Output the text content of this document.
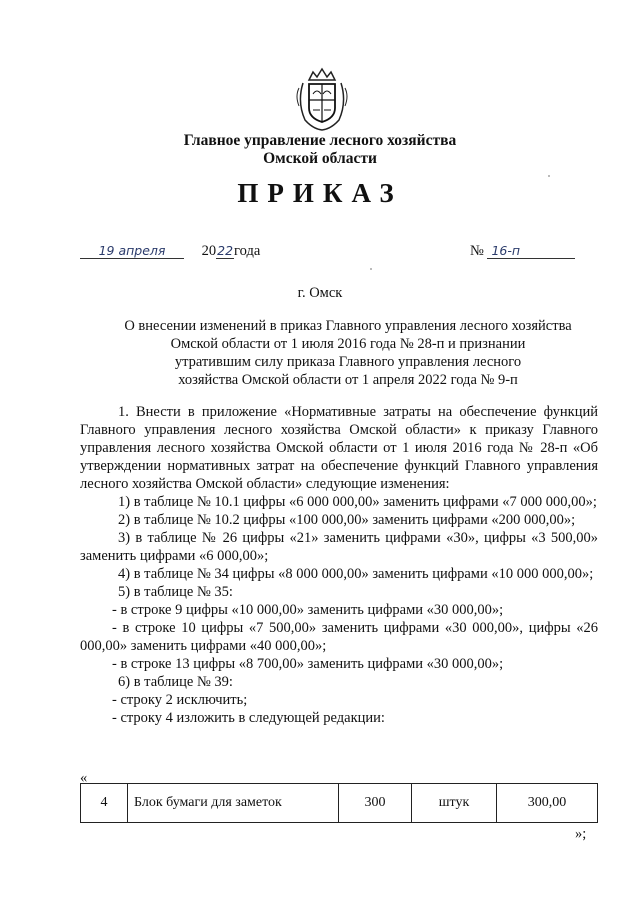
Главное управление лесного хозяйства
Омской области
ПРИКАЗ
19 апреля 2022года	№ 16-п
г. Омск
О внесении изменений в приказ Главного управления лесного хозяйства
Омской области от 1 июля 2016 года № 28-п и признании
утратившим силу приказа Главного управления лесного
хозяйства Омской области от 1 апреля 2022 года № 9-п

1. Внести в приложение «Нормативные затраты на обеспечение функций Главного управления лесного хозяйства Омской области» к приказу Главного управления лесного хозяйства Омской области от 1 июля 2016 года № 28-п «Об утверждении нормативных затрат на обеспечение функций Главного управления лесного хозяйства Омской области» следующие изменения:

1) в таблице № 10.1 цифры «6 000 000,00» заменить цифрами «7 000 000,00»;

2) в таблице № 10.2 цифры «100 000,00» заменить цифрами «200 000,00»;

3) в таблице № 26 цифры «21» заменить цифрами «30», цифры «3 500,00» заменить цифрами «6 000,00»;

4) в таблице № 34 цифры «8 000 000,00» заменить цифрами «10 000 000,00»;

5) в таблице № 35:

- в строке 9 цифры «10 000,00» заменить цифрами «30 000,00»;

- в строке 10 цифры «7 500,00» заменить цифрами «30 000,00», цифры «26 000,00» заменить цифрами «40 000,00»;

- в строке 13 цифры «8 700,00» заменить цифрами «30 000,00»;

6) в таблице № 39:

- строку 2 исключить;

- строку 4 изложить в следующей редакции:

«
4	Блок бумаги для заметок	300	штук	300,00
»;
